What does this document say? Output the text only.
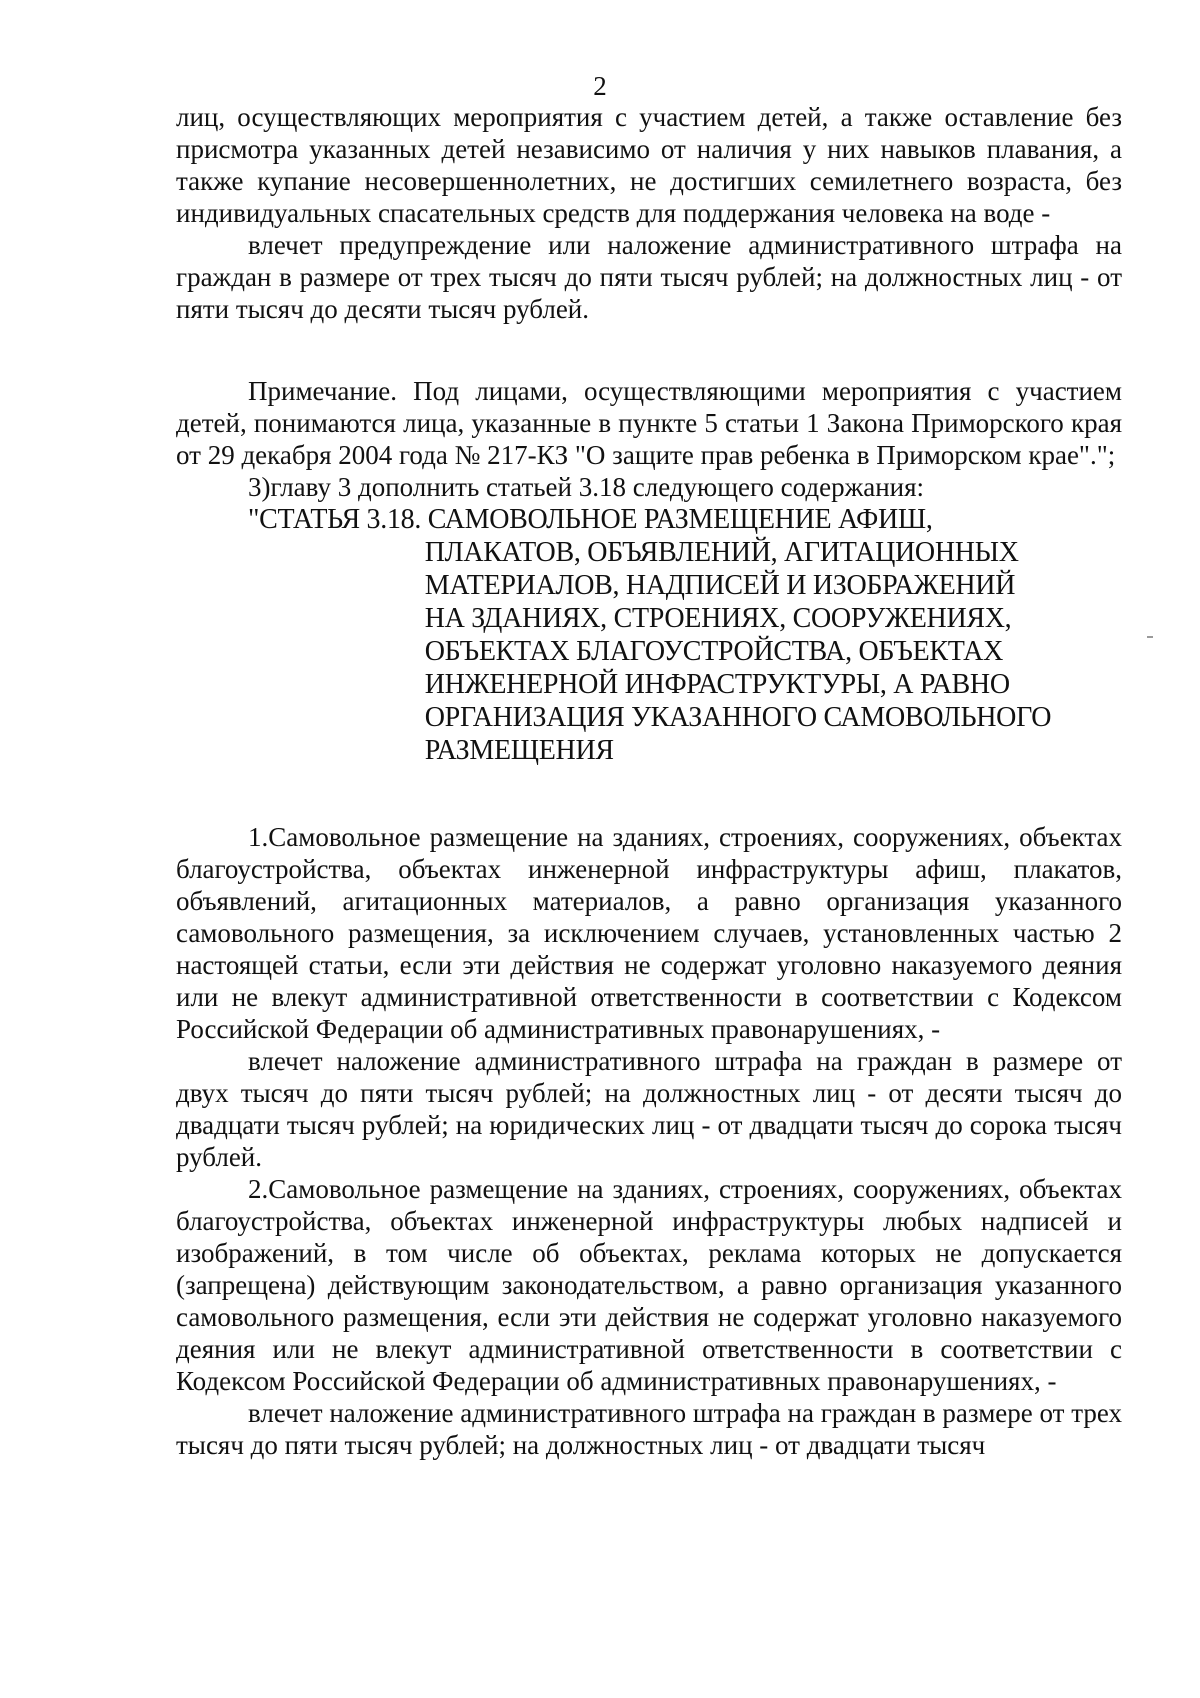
2

лиц, осуществляющих мероприятия с участием детей, а также оставление без присмотра указанных детей независимо от наличия у них навыков плавания, а также купание несовершеннолетних, не достигших семилетнего возраста, без индивидуальных спасательных средств для поддержания человека на воде -

влечет предупреждение или наложение административного штрафа на граждан в размере от трех тысяч до пяти тысяч рублей; на должностных лиц - от пяти тысяч до десяти тысяч рублей.

Примечание. Под лицами, осуществляющими мероприятия с участием детей, понимаются лица, указанные в пункте 5 статьи 1 Закона Приморского края от 29 декабря 2004 года № 217-КЗ "О защите прав ребенка в Приморском крае".";

3)главу 3 дополнить статьей 3.18 следующего содержания:

"СТАТЬЯ 3.18. САМОВОЛЬНОЕ РАЗМЕЩЕНИЕ АФИШ,
ПЛАКАТОВ, ОБЪЯВЛЕНИЙ, АГИТАЦИОННЫХ
МАТЕРИАЛОВ, НАДПИСЕЙ И ИЗОБРАЖЕНИЙ
НА ЗДАНИЯХ, СТРОЕНИЯХ, СООРУЖЕНИЯХ,
ОБЪЕКТАХ БЛАГОУСТРОЙСТВА, ОБЪЕКТАХ
ИНЖЕНЕРНОЙ ИНФРАСТРУКТУРЫ, А РАВНО
ОРГАНИЗАЦИЯ УКАЗАННОГО САМОВОЛЬНОГО
РАЗМЕЩЕНИЯ

1.Самовольное размещение на зданиях, строениях, сооружениях, объектах благоустройства, объектах инженерной инфраструктуры афиш, плакатов, объявлений, агитационных материалов, а равно организация указанного самовольного размещения, за исключением случаев, установленных частью 2 настоящей статьи, если эти действия не содержат уголовно наказуемого деяния или не влекут административной ответственности в соответствии с Кодексом Российской Федерации об административных правонарушениях, -

влечет наложение административного штрафа на граждан в размере от двух тысяч до пяти тысяч рублей; на должностных лиц - от десяти тысяч до двадцати тысяч рублей; на юридических лиц - от двадцати тысяч до сорока тысяч рублей.

2.Самовольное размещение на зданиях, строениях, сооружениях, объектах благоустройства, объектах инженерной инфраструктуры любых надписей и изображений, в том числе об объектах, реклама которых не допускается (запрещена) действующим законодательством, а равно организация указанного самовольного размещения, если эти действия не содержат уголовно наказуемого деяния или не влекут административной ответственности в соответствии с Кодексом Российской Федерации об административных правонарушениях, -

влечет наложение административного штрафа на граждан в размере от трех тысяч до пяти тысяч рублей; на должностных лиц - от двадцати тысяч
